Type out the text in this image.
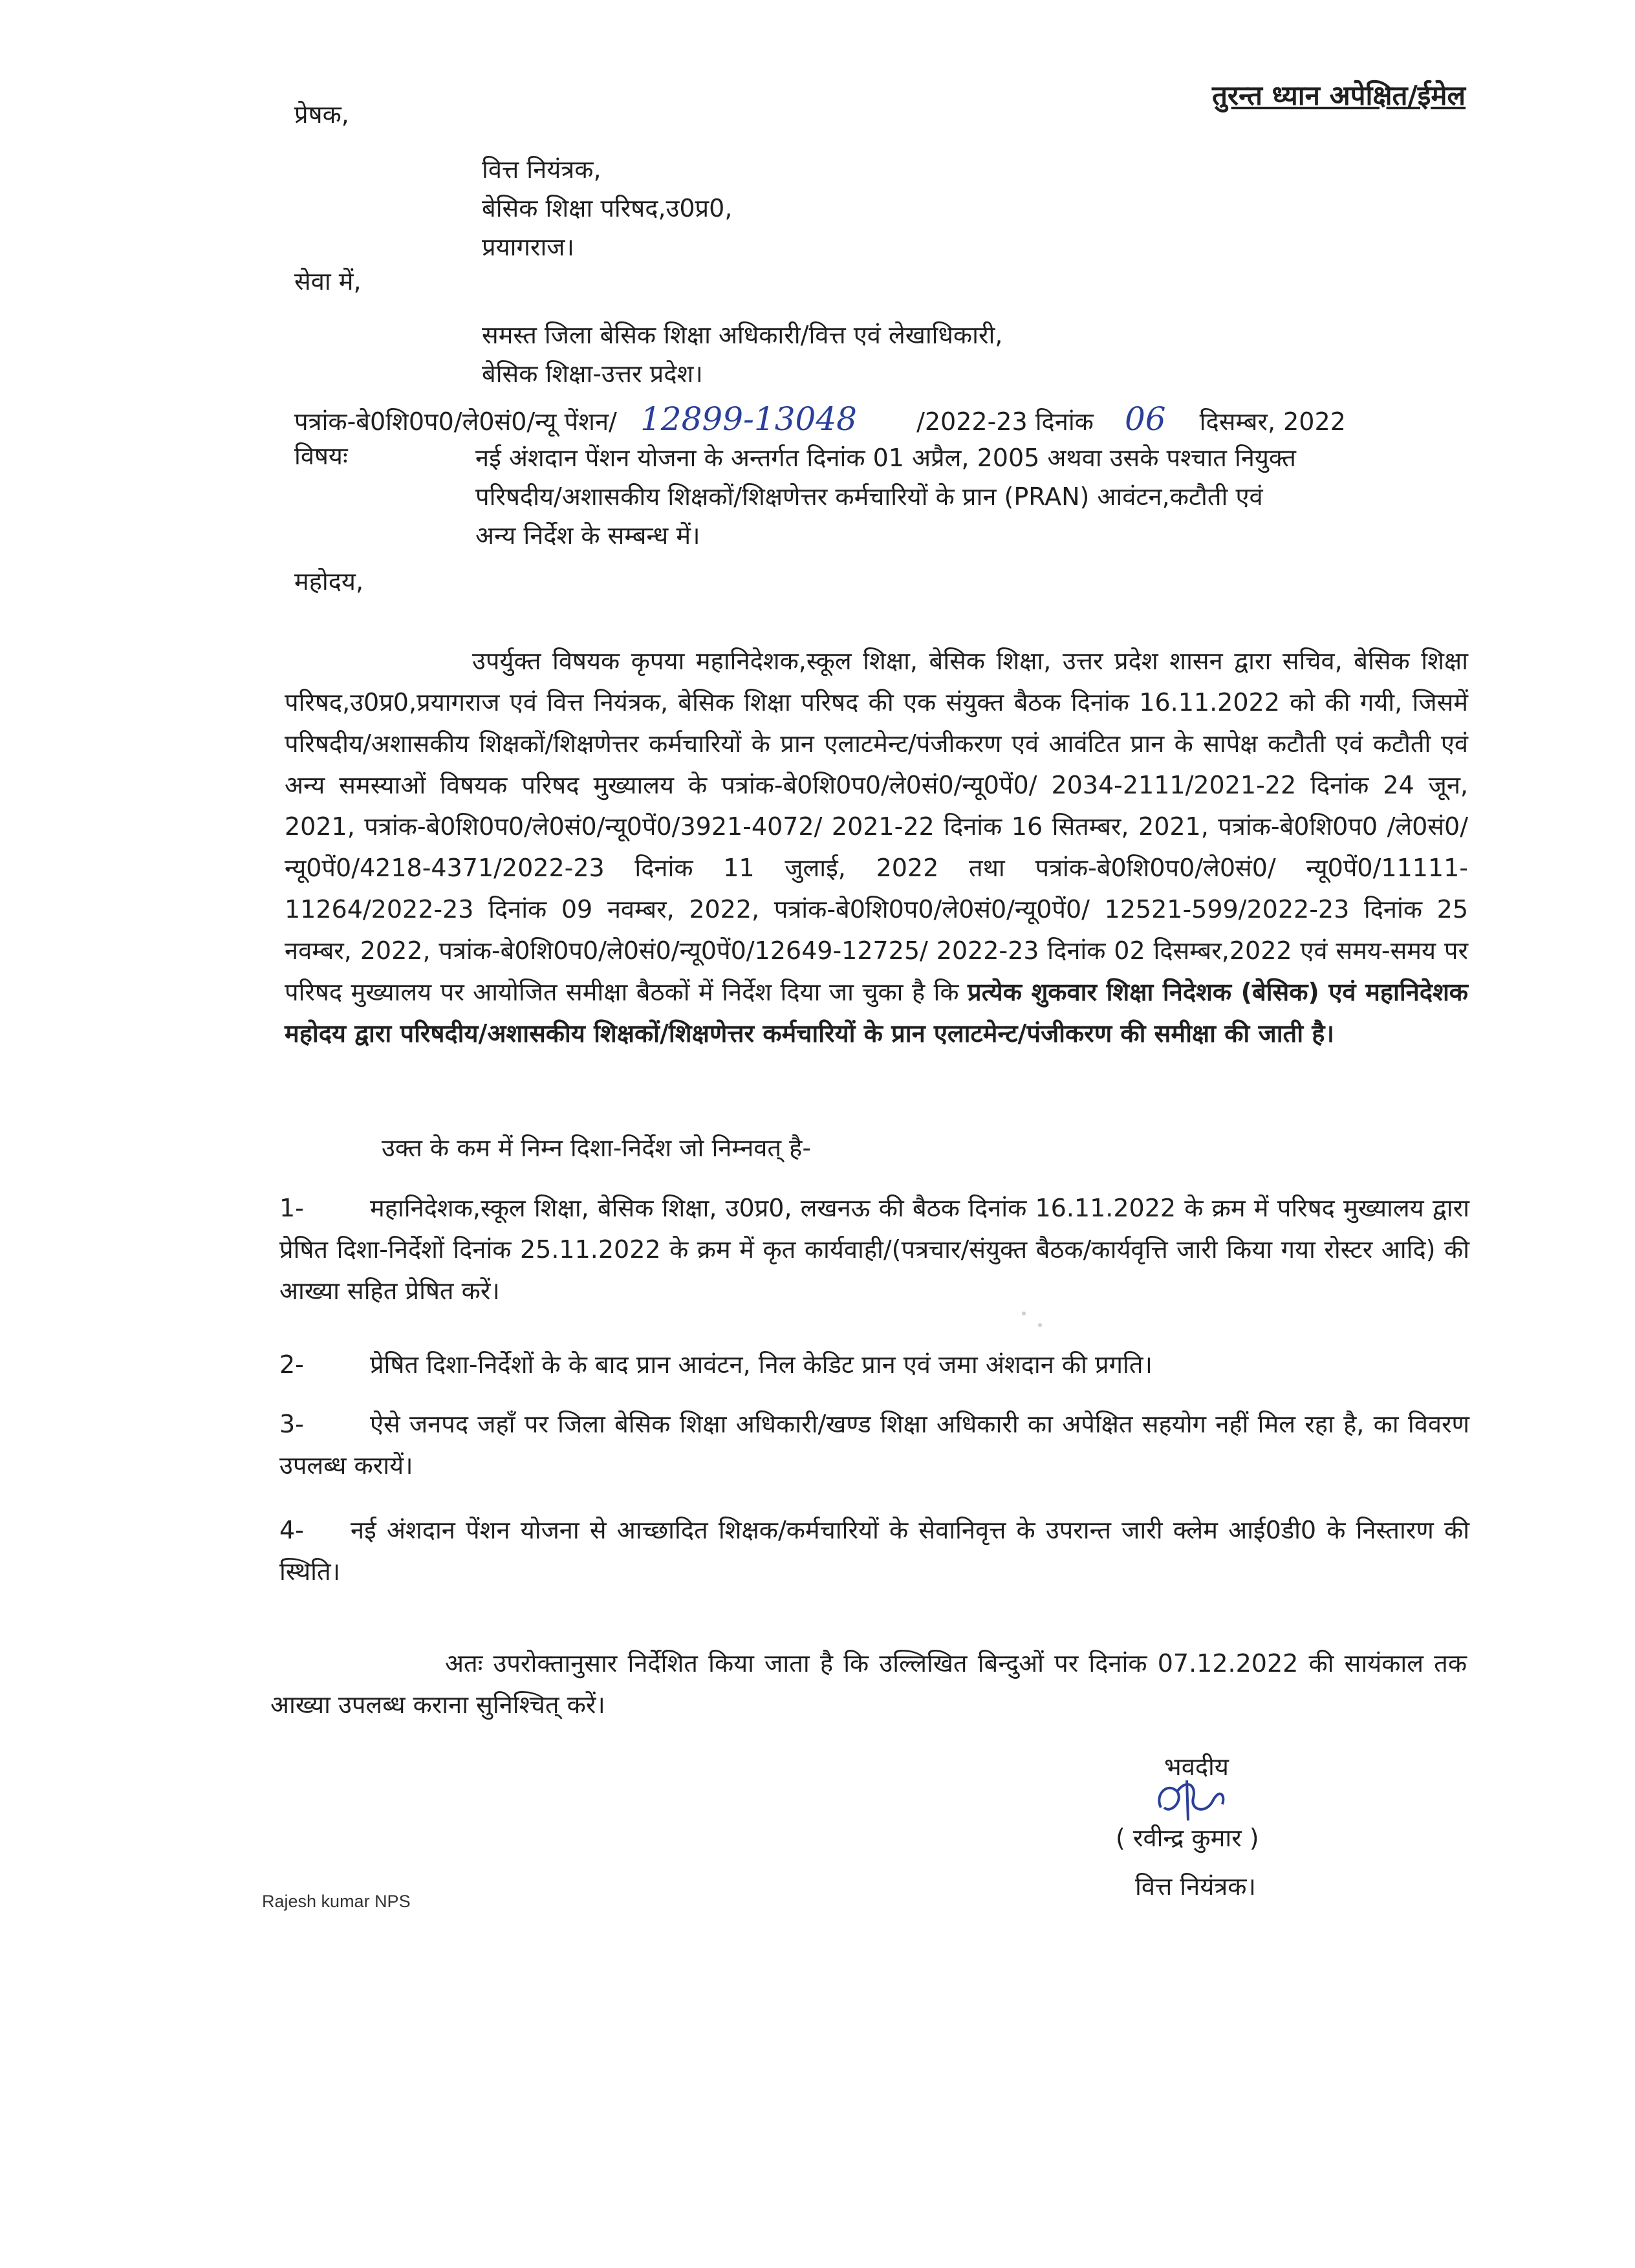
तुरन्त ध्यान अपेक्षित/ईमेल
प्रेषक,
वित्त नियंत्रक,
बेसिक शिक्षा परिषद,उ0प्र0,
प्रयागराज।
सेवा में,
समस्त जिला बेसिक शिक्षा अधिकारी/वित्त एवं लेखाधिकारी,
बेसिक शिक्षा-उत्तर प्रदेश।
पत्रांक-बे0शि0प0/ले0सं0/न्यू पेंशन/ 12899-13048 /2022-23 दिनांक 06 दिसम्बर, 2022
विषयः	नई अंशदान पेंशन योजना के अन्तर्गत दिनांक 01 अप्रैल, 2005 अथवा उसके पश्चात नियुक्त
परिषदीय/अशासकीय शिक्षकों/शिक्षणेत्तर कर्मचारियों के प्रान (PRAN) आवंटन,कटौती एवं
अन्य निर्देश के सम्बन्ध में।
महोदय,
उपर्युक्त विषयक कृपया महानिदेशक,स्कूल शिक्षा, बेसिक शिक्षा, उत्तर प्रदेश शासन द्वारा सचिव, बेसिक शिक्षा परिषद,उ0प्र0,प्रयागराज एवं वित्त नियंत्रक, बेसिक शिक्षा परिषद की एक संयुक्त बैठक दिनांक 16.11.2022 को की गयी, जिसमें परिषदीय/अशासकीय शिक्षकों/शिक्षणेत्तर कर्मचारियों के प्रान एलाटमेन्ट/पंजीकरण एवं आवंटित प्रान के सापेक्ष कटौती एवं कटौती एवं अन्य समस्याओं विषयक परिषद मुख्यालय के पत्रांक-बे0शि0प0/ले0सं0/न्यू0पें0/ 2034-2111/2021-22 दिनांक 24 जून, 2021, पत्रांक-बे0शि0प0/ले0सं0/न्यू0पें0/3921-4072/ 2021-22 दिनांक 16 सितम्बर, 2021, पत्रांक-बे0शि0प0 /ले0सं0/न्यू0पें0/4218-4371/2022-23 दिनांक 11 जुलाई, 2022 तथा पत्रांक-बे0शि0प0/ले0सं0/ न्यू0पें0/11111-11264/2022-23 दिनांक 09 नवम्बर, 2022, पत्रांक-बे0शि0प0/ले0सं0/न्यू0पें0/ 12521-599/2022-23 दिनांक 25 नवम्बर, 2022, पत्रांक-बे0शि0प0/ले0सं0/न्यू0पें0/12649-12725/ 2022-23 दिनांक 02 दिसम्बर,2022 एवं समय-समय पर परिषद मुख्यालय पर आयोजित समीक्षा बैठकों में निर्देश दिया जा चुका है कि प्रत्येक शुकवार शिक्षा निदेशक (बेसिक) एवं महानिदेशक महोदय द्वारा परिषदीय/अशासकीय शिक्षकों/शिक्षणेत्तर कर्मचारियों के प्रान एलाटमेन्ट/पंजीकरण की समीक्षा की जाती है।
उक्त के कम में निम्न दिशा-निर्देश जो निम्नवत् है-
1-	महानिदेशक,स्कूल शिक्षा, बेसिक शिक्षा, उ0प्र0, लखनऊ की बैठक दिनांक 16.11.2022 के क्रम में परिषद मुख्यालय द्वारा प्रेषित दिशा-निर्देशों दिनांक 25.11.2022 के क्रम में कृत कार्यवाही/(पत्रचार/संयुक्त बैठक/कार्यवृत्ति जारी किया गया रोस्टर आदि) की आख्या सहित प्रेषित करें।
2-	प्रेषित दिशा-निर्देशों के के बाद प्रान आवंटन, निल केडिट प्रान एवं जमा अंशदान की प्रगति।
3-	ऐसे जनपद जहाँ पर जिला बेसिक शिक्षा अधिकारी/खण्ड शिक्षा अधिकारी का अपेक्षित सहयोग नहीं मिल रहा है, का विवरण उपलब्ध करायें।
4- नई अंशदान पेंशन योजना से आच्छादित शिक्षक/कर्मचारियों के सेवानिवृत्त के उपरान्त जारी क्लेम आई0डी0 के निस्तारण की स्थिति।
अतः उपरोक्तानुसार निर्देशित किया जाता है कि उल्लिखित बिन्दुओं पर दिनांक 07.12.2022 की सायंकाल तक आख्या उपलब्ध कराना सुनिश्चित् करें।
भवदीय
( रवीन्द्र कुमार )
वित्त नियंत्रक।
Rajesh kumar NPS
